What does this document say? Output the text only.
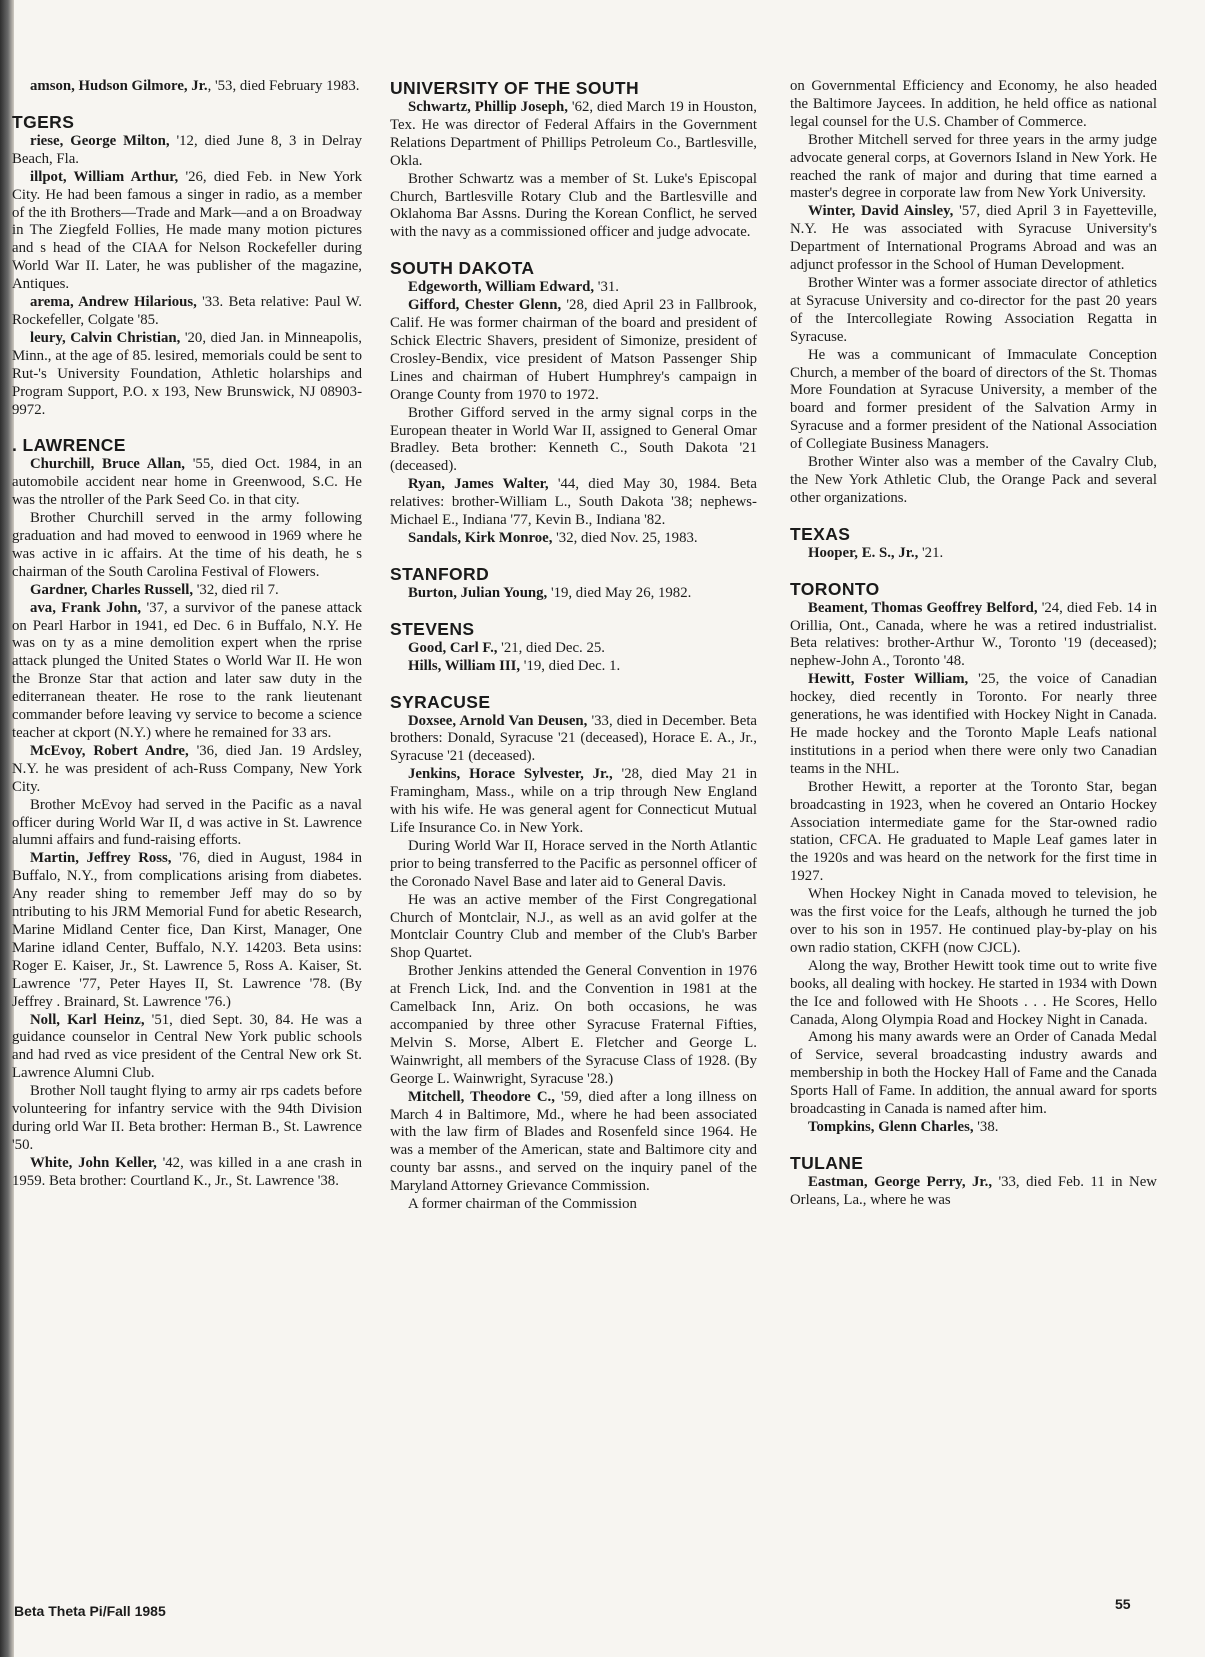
amson, Hudson Gilmore, Jr., '53, died February 1983.

TGERS

riese, George Milton, '12, died June 8, 3 in Delray Beach, Fla.

illpot, William Arthur, '26, died Feb. in New York City. He had been famous a singer in radio, as a member of the ith Brothers—Trade and Mark—and a on Broadway in The Ziegfeld Follies, He made many motion pictures and s head of the CIAA for Nelson Rockefeller during World War II. Later, he was publisher of the magazine, Antiques.

arema, Andrew Hilarious, '33. Beta relative: Paul W. Rockefeller, Colgate '85.

leury, Calvin Christian, '20, died Jan. in Minneapolis, Minn., at the age of 85. lesired, memorials could be sent to Rut-'s University Foundation, Athletic holarships and Program Support, P.O. x 193, New Brunswick, NJ 08903-9972.

. LAWRENCE

Churchill, Bruce Allan, '55, died Oct. 1984, in an automobile accident near home in Greenwood, S.C. He was the ntroller of the Park Seed Co. in that city.

Brother Churchill served in the army following graduation and had moved to eenwood in 1969 where he was active in ic affairs. At the time of his death, he s chairman of the South Carolina Festival of Flowers.

Gardner, Charles Russell, '32, died ril 7.

ava, Frank John, '37, a survivor of the panese attack on Pearl Harbor in 1941, ed Dec. 6 in Buffalo, N.Y. He was on ty as a mine demolition expert when the rprise attack plunged the United States o World War II. He won the Bronze Star that action and later saw duty in the editerranean theater. He rose to the rank lieutenant commander before leaving vy service to become a science teacher at ckport (N.Y.) where he remained for 33 ars.

McEvoy, Robert Andre, '36, died Jan. 19 Ardsley, N.Y. he was president of ach-Russ Company, New York City.

Brother McEvoy had served in the Pacific as a naval officer during World War II, d was active in St. Lawrence alumni affairs and fund-raising efforts.

Martin, Jeffrey Ross, '76, died in August, 1984 in Buffalo, N.Y., from complications arising from diabetes. Any reader shing to remember Jeff may do so by ntributing to his JRM Memorial Fund for abetic Research, Marine Midland Center fice, Dan Kirst, Manager, One Marine idland Center, Buffalo, N.Y. 14203. Beta usins: Roger E. Kaiser, Jr., St. Lawrence 5, Ross A. Kaiser, St. Lawrence '77, Peter Hayes II, St. Lawrence '78. (By Jeffrey . Brainard, St. Lawrence '76.)

Noll, Karl Heinz, '51, died Sept. 30, 84. He was a guidance counselor in Central New York public schools and had rved as vice president of the Central New ork St. Lawrence Alumni Club.

Brother Noll taught flying to army air rps cadets before volunteering for infantry service with the 94th Division during orld War II. Beta brother: Herman B., St. Lawrence '50.

White, John Keller, '42, was killed in a ane crash in 1959. Beta brother: Courtland K., Jr., St. Lawrence '38.

UNIVERSITY OF THE SOUTH

Schwartz, Phillip Joseph, '62, died March 19 in Houston, Tex. He was director of Federal Affairs in the Government Relations Department of Phillips Petroleum Co., Bartlesville, Okla.

Brother Schwartz was a member of St. Luke's Episcopal Church, Bartlesville Rotary Club and the Bartlesville and Oklahoma Bar Assns. During the Korean Conflict, he served with the navy as a commissioned officer and judge advocate.

SOUTH DAKOTA

Edgeworth, William Edward, '31.

Gifford, Chester Glenn, '28, died April 23 in Fallbrook, Calif. He was former chairman of the board and president of Schick Electric Shavers, president of Simonize, president of Crosley-Bendix, vice president of Matson Passenger Ship Lines and chairman of Hubert Humphrey's campaign in Orange County from 1970 to 1972.

Brother Gifford served in the army signal corps in the European theater in World War II, assigned to General Omar Bradley. Beta brother: Kenneth C., South Dakota '21 (deceased).

Ryan, James Walter, '44, died May 30, 1984. Beta relatives: brother-William L., South Dakota '38; nephews-Michael E., Indiana '77, Kevin B., Indiana '82.

Sandals, Kirk Monroe, '32, died Nov. 25, 1983.

STANFORD

Burton, Julian Young, '19, died May 26, 1982.

STEVENS

Good, Carl F., '21, died Dec. 25.

Hills, William III, '19, died Dec. 1.

SYRACUSE

Doxsee, Arnold Van Deusen, '33, died in December. Beta brothers: Donald, Syracuse '21 (deceased), Horace E. A., Jr., Syracuse '21 (deceased).

Jenkins, Horace Sylvester, Jr., '28, died May 21 in Framingham, Mass., while on a trip through New England with his wife. He was general agent for Connecticut Mutual Life Insurance Co. in New York.

During World War II, Horace served in the North Atlantic prior to being transferred to the Pacific as personnel officer of the Coronado Navel Base and later aid to General Davis.

He was an active member of the First Congregational Church of Montclair, N.J., as well as an avid golfer at the Montclair Country Club and member of the Club's Barber Shop Quartet.

Brother Jenkins attended the General Convention in 1976 at French Lick, Ind. and the Convention in 1981 at the Camelback Inn, Ariz. On both occasions, he was accompanied by three other Syracuse Fraternal Fifties, Melvin S. Morse, Albert E. Fletcher and George L. Wainwright, all members of the Syracuse Class of 1928. (By George L. Wainwright, Syracuse '28.)

Mitchell, Theodore C., '59, died after a long illness on March 4 in Baltimore, Md., where he had been associated with the law firm of Blades and Rosenfeld since 1964. He was a member of the American, state and Baltimore city and county bar assns., and served on the inquiry panel of the Maryland Attorney Grievance Commission.

A former chairman of the Commission

on Governmental Efficiency and Economy, he also headed the Baltimore Jaycees. In addition, he held office as national legal counsel for the U.S. Chamber of Commerce.

Brother Mitchell served for three years in the army judge advocate general corps, at Governors Island in New York. He reached the rank of major and during that time earned a master's degree in corporate law from New York University.

Winter, David Ainsley, '57, died April 3 in Fayetteville, N.Y. He was associated with Syracuse University's Department of International Programs Abroad and was an adjunct professor in the School of Human Development.

Brother Winter was a former associate director of athletics at Syracuse University and co-director for the past 20 years of the Intercollegiate Rowing Association Regatta in Syracuse.

He was a communicant of Immaculate Conception Church, a member of the board of directors of the St. Thomas More Foundation at Syracuse University, a member of the board and former president of the Salvation Army in Syracuse and a former president of the National Association of Collegiate Business Managers.

Brother Winter also was a member of the Cavalry Club, the New York Athletic Club, the Orange Pack and several other organizations.

TEXAS

Hooper, E. S., Jr., '21.

TORONTO

Beament, Thomas Geoffrey Belford, '24, died Feb. 14 in Orillia, Ont., Canada, where he was a retired industrialist. Beta relatives: brother-Arthur W., Toronto '19 (deceased); nephew-John A., Toronto '48.

Hewitt, Foster William, '25, the voice of Canadian hockey, died recently in Toronto. For nearly three generations, he was identified with Hockey Night in Canada. He made hockey and the Toronto Maple Leafs national institutions in a period when there were only two Canadian teams in the NHL.

Brother Hewitt, a reporter at the Toronto Star, began broadcasting in 1923, when he covered an Ontario Hockey Association intermediate game for the Star-owned radio station, CFCA. He graduated to Maple Leaf games later in the 1920s and was heard on the network for the first time in 1927.

When Hockey Night in Canada moved to television, he was the first voice for the Leafs, although he turned the job over to his son in 1957. He continued play-by-play on his own radio station, CKFH (now CJCL).

Along the way, Brother Hewitt took time out to write five books, all dealing with hockey. He started in 1934 with Down the Ice and followed with He Shoots . . . He Scores, Hello Canada, Along Olympia Road and Hockey Night in Canada.

Among his many awards were an Order of Canada Medal of Service, several broadcasting industry awards and membership in both the Hockey Hall of Fame and the Canada Sports Hall of Fame. In addition, the annual award for sports broadcasting in Canada is named after him.

Tompkins, Glenn Charles, '38.

TULANE

Eastman, George Perry, Jr., '33, died Feb. 11 in New Orleans, La., where he was

Beta Theta Pi/Fall 1985	55
